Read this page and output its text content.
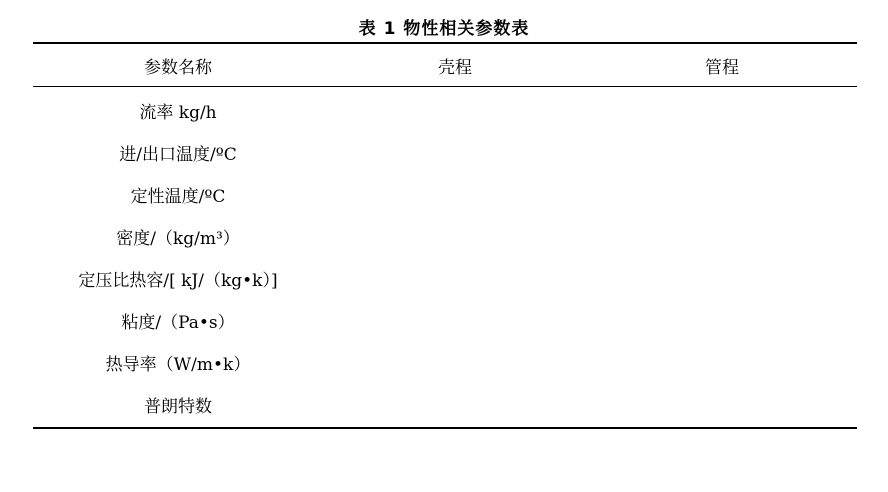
表 1 物性相关参数表
参数名称	壳程	管程
流率 kg/h
进/出口温度/ºC
定性温度/ºC
密度/（kg/m³）
定压比热容/[ kJ/（kg•k）]
粘度/（Pa•s）
热导率（W/m•k）
普朗特数
